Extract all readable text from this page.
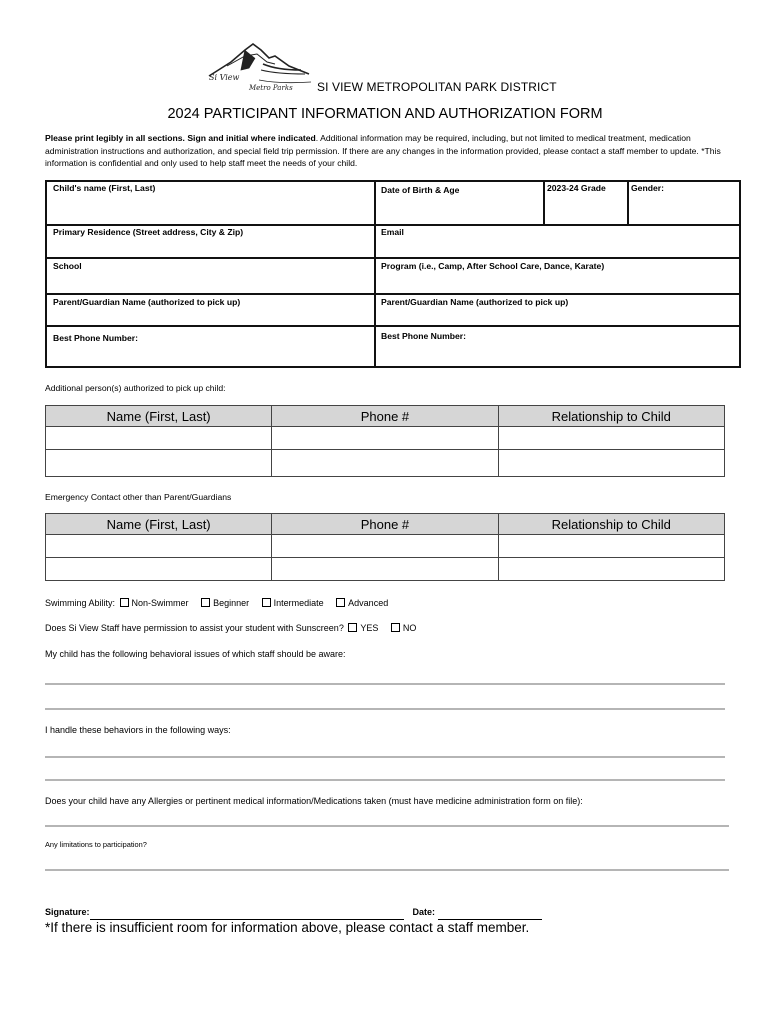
Si View
Metro Parks SI VIEW METROPOLITAN PARK DISTRICT
2024 PARTICIPANT INFORMATION AND AUTHORIZATION FORM
Please print legibly in all sections. Sign and initial where indicated. Additional information may be required, including, but not limited to medical treatment, medication administration instructions and authorization, and special field trip permission. If there are any changes in the information provided, please contact a staff member to update. *This information is confidential and only used to help staff meet the needs of your child.
Child's name (First, Last)	Date of Birth & Age	2023-24 Grade	Gender:
Primary Residence (Street address, City & Zip)	Email
School	Program (i.e., Camp, After School Care, Dance, Karate)
Parent/Guardian Name (authorized to pick up)	Parent/Guardian Name (authorized to pick up)
Best Phone Number:	Best Phone Number:
Additional person(s) authorized to pick up child:
Name (First, Last)	Phone #	Relationship to Child

Emergency Contact other than Parent/Guardians
Name (First, Last)	Phone #	Relationship to Child

Swimming Ability: Non-Swimmer	Beginner	Intermediate	Advanced
Does Si View Staff have permission to assist your student with Sunscreen? YES	NO
My child has the following behavioral issues of which staff should be aware:
I handle these behaviors in the following ways:
Does your child have any Allergies or pertinent medical information/Medications taken (must have medicine administration form on file):
Any limitations to participation?
Signature:	Date:
*If there is insufficient room for information above, please contact a staff member.
